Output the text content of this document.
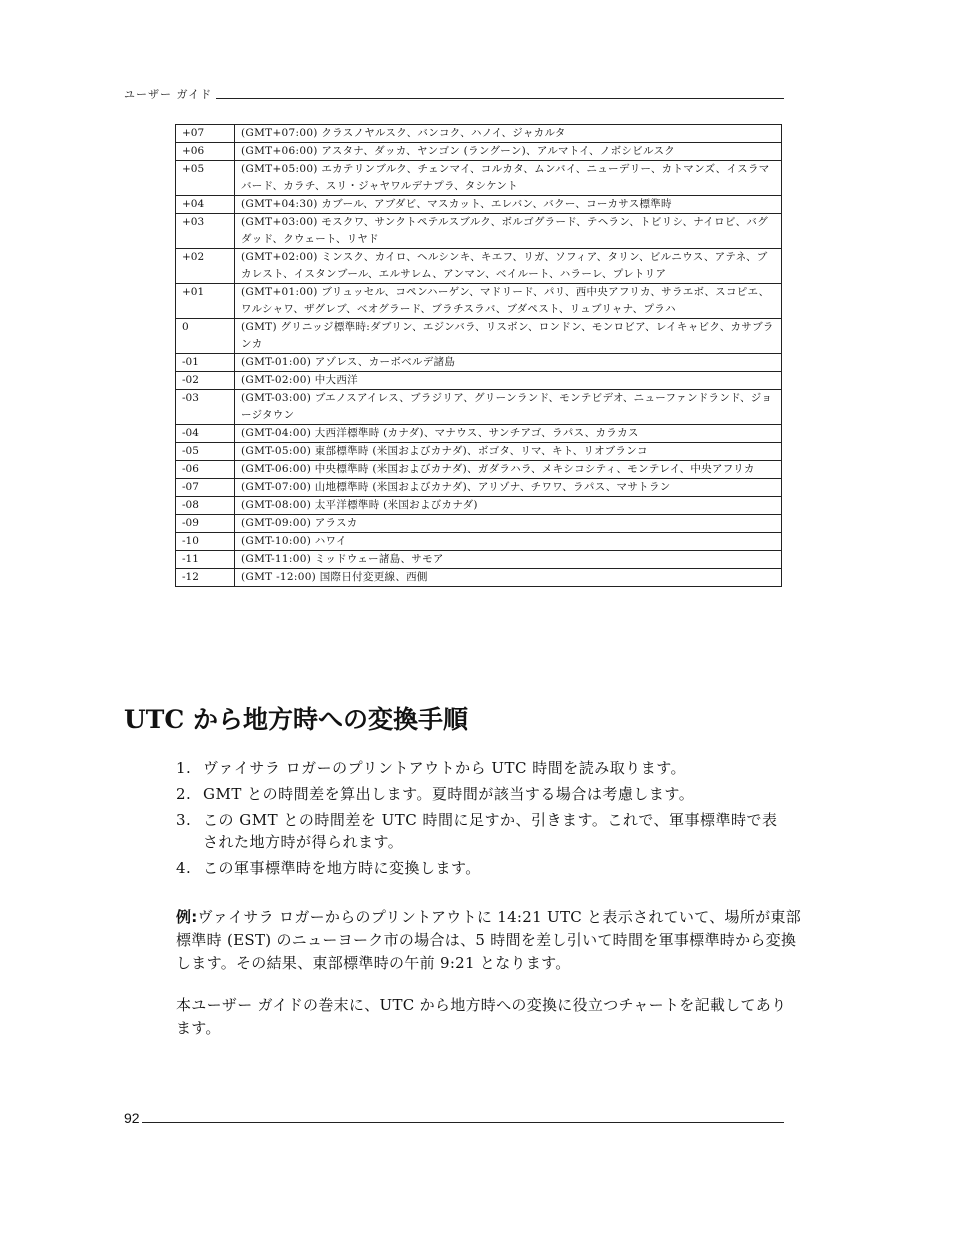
ユーザー ガイド
+07	(GMT+07:00) クラスノヤルスク、バンコク、ハノイ、ジャカルタ
+06	(GMT+06:00) アスタナ、ダッカ、ヤンゴン (ラングーン)、アルマトイ、ノボシビルスク
+05	(GMT+05:00) エカテリンブルク、チェンマイ、コルカタ、ムンバイ、ニューデリー、カトマンズ、イスラマバード、カラチ、スリ・ジャヤワルデナプラ、タシケント
+04	(GMT+04:30) カブール、アブダビ、マスカット、エレバン、バクー、コーカサス標準時
+03	(GMT+03:00) モスクワ、サンクトペテルスブルク、ボルゴグラード、テヘラン、トビリシ、ナイロビ、バグダッド、クウェート、リヤド
+02	(GMT+02:00) ミンスク、カイロ、ヘルシンキ、キエフ、リガ、ソフィア、タリン、ビルニウス、アテネ、ブカレスト、イスタンブール、エルサレム、アンマン、ベイルート、ハラーレ、プレトリア
+01	(GMT+01:00) ブリュッセル、コペンハーゲン、マドリード、パリ、西中央アフリカ、サラエボ、スコピエ、ワルシャワ、ザグレブ、ベオグラード、ブラチスラバ、ブダペスト、リュブリャナ、プラハ
0	(GMT) グリニッジ標準時:ダブリン、エジンバラ、リスボン、ロンドン、モンロビア、レイキャビク、カサブランカ
-01	(GMT-01:00) アゾレス、カーボベルデ諸島
-02	(GMT-02:00) 中大西洋
-03	(GMT-03:00) ブエノスアイレス、ブラジリア、グリーンランド、モンテビデオ、ニューファンドランド、ジョージタウン
-04	(GMT-04:00) 大西洋標準時 (カナダ)、マナウス、サンチアゴ、ラパス、カラカス
-05	(GMT-05:00) 東部標準時 (米国およびカナダ)、ボゴタ、リマ、キト、リオブランコ
-06	(GMT-06:00) 中央標準時 (米国およびカナダ)、ガダラハラ、メキシコシティ、モンテレイ、中央アフリカ
-07	(GMT-07:00) 山地標準時 (米国およびカナダ)、アリゾナ、チワワ、ラパス、マサトラン
-08	(GMT-08:00) 太平洋標準時 (米国およびカナダ)
-09	(GMT-09:00) アラスカ
-10	(GMT-10:00) ハワイ
-11	(GMT-11:00) ミッドウェー諸島、サモア
-12	(GMT -12:00) 国際日付変更線、西側
UTC から地方時への変換手順
1. ヴァイサラ ロガーのプリントアウトから UTC 時間を読み取ります。
2. GMT との時間差を算出します。夏時間が該当する場合は考慮します。
3. この GMT との時間差を UTC 時間に足すか、引きます。これで、軍事標準時で表された地方時が得られます。
4. この軍事標準時を地方時に変換します。

例:ヴァイサラ ロガーからのプリントアウトに 14:21 UTC と表示されていて、場所が東部標準時 (EST) のニューヨーク市の場合は、5 時間を差し引いて時間を軍事標準時から変換します。その結果、東部標準時の午前 9:21 となります。

本ユーザー ガイドの巻末に、UTC から地方時への変換に役立つチャートを記載してあります。

92
